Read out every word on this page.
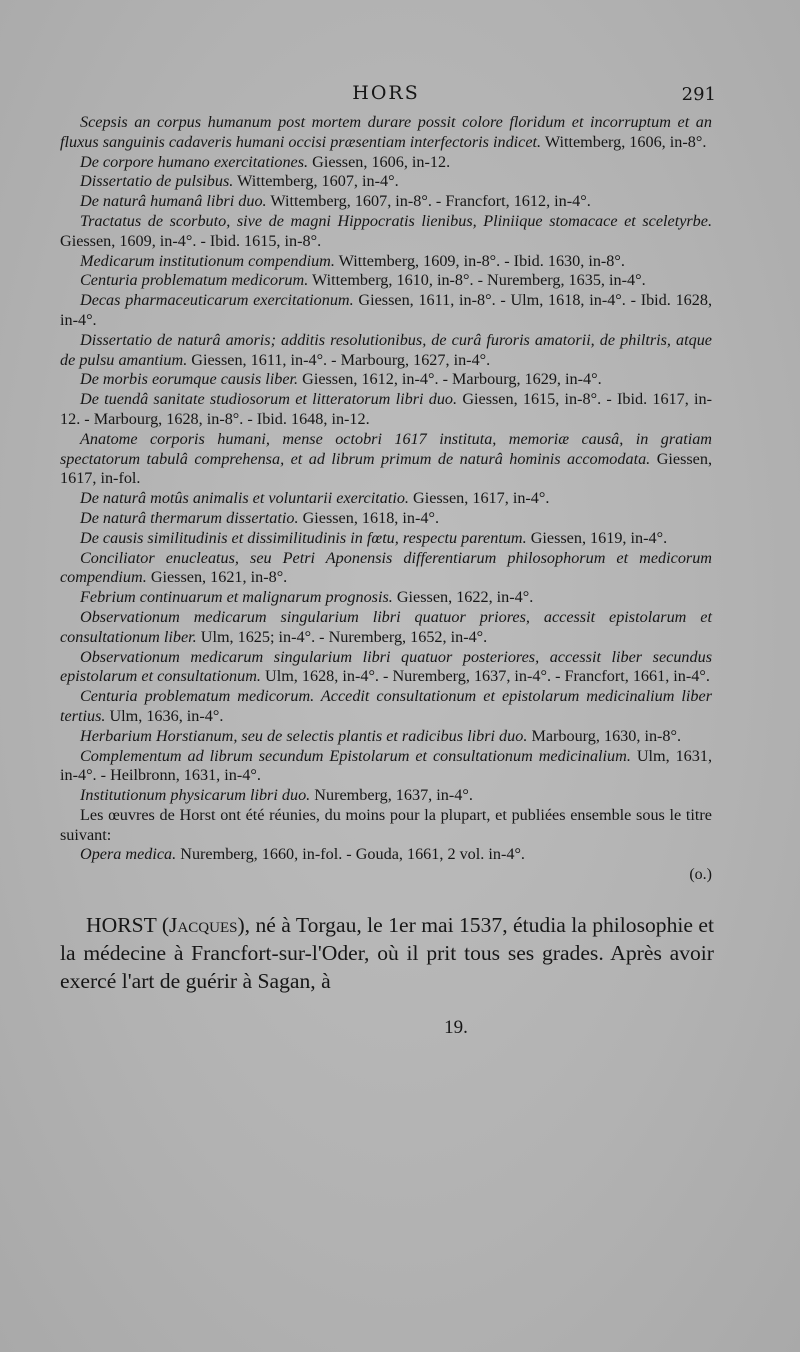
HORS	291

Scepsis an corpus humanum post mortem durare possit colore floridum et incorruptum et an fluxus sanguinis cadaveris humani occisi præsentiam interfectoris indicet. Wittemberg, 1606, in-8°.

De corpore humano exercitationes. Giessen, 1606, in-12.

Dissertatio de pulsibus. Wittemberg, 1607, in-4°.

De naturâ humanâ libri duo. Wittemberg, 1607, in-8°. - Francfort, 1612, in-4°.

Tractatus de scorbuto, sive de magni Hippocratis lienibus, Pliniique stomacace et sceletyrbe. Giessen, 1609, in-4°. - Ibid. 1615, in-8°.

Medicarum institutionum compendium. Wittemberg, 1609, in-8°. - Ibid. 1630, in-8°.

Centuria problematum medicorum. Wittemberg, 1610, in-8°. - Nuremberg, 1635, in-4°.

Decas pharmaceuticarum exercitationum. Giessen, 1611, in-8°. - Ulm, 1618, in-4°. - Ibid. 1628, in-4°.

Dissertatio de naturâ amoris; additis resolutionibus, de curâ furoris amatorii, de philtris, atque de pulsu amantium. Giessen, 1611, in-4°. - Marbourg, 1627, in-4°.

De morbis eorumque causis liber. Giessen, 1612, in-4°. - Marbourg, 1629, in-4°.

De tuendâ sanitate studiosorum et litteratorum libri duo. Giessen, 1615, in-8°. - Ibid. 1617, in-12. - Marbourg, 1628, in-8°. - Ibid. 1648, in-12.

Anatome corporis humani, mense octobri 1617 instituta, memoriæ causâ, in gratiam spectatorum tabulâ comprehensa, et ad librum primum de naturâ hominis accomodata. Giessen, 1617, in-fol.

De naturâ motûs animalis et voluntarii exercitatio. Giessen, 1617, in-4°.

De naturâ thermarum dissertatio. Giessen, 1618, in-4°.

De causis similitudinis et dissimilitudinis in fœtu, respectu parentum. Giessen, 1619, in-4°.

Conciliator enucleatus, seu Petri Aponensis differentiarum philosophorum et medicorum compendium. Giessen, 1621, in-8°.

Febrium continuarum et malignarum prognosis. Giessen, 1622, in-4°.

Observationum medicarum singularium libri quatuor priores, accessit epistolarum et consultationum liber. Ulm, 1625; in-4°. - Nuremberg, 1652, in-4°.

Observationum medicarum singularium libri quatuor posteriores, accessit liber secundus epistolarum et consultationum. Ulm, 1628, in-4°. - Nuremberg, 1637, in-4°. - Francfort, 1661, in-4°.

Centuria problematum medicorum. Accedit consultationum et epistolarum medicinalium liber tertius. Ulm, 1636, in-4°.

Herbarium Horstianum, seu de selectis plantis et radicibus libri duo. Marbourg, 1630, in-8°.

Complementum ad librum secundum Epistolarum et consultationum medicinalium. Ulm, 1631, in-4°. - Heilbronn, 1631, in-4°.

Institutionum physicarum libri duo. Nuremberg, 1637, in-4°.

Les œuvres de Horst ont été réunies, du moins pour la plupart, et publiées ensemble sous le titre suivant:

Opera medica. Nuremberg, 1660, in-fol. - Gouda, 1661, 2 vol. in-4°.

(o.)

HORST (Jacques), né à Torgau, le 1er mai 1537, étudia la philosophie et la médecine à Francfort-sur-l'Oder, où il prit tous ses grades. Après avoir exercé l'art de guérir à Sagan, à

19.
